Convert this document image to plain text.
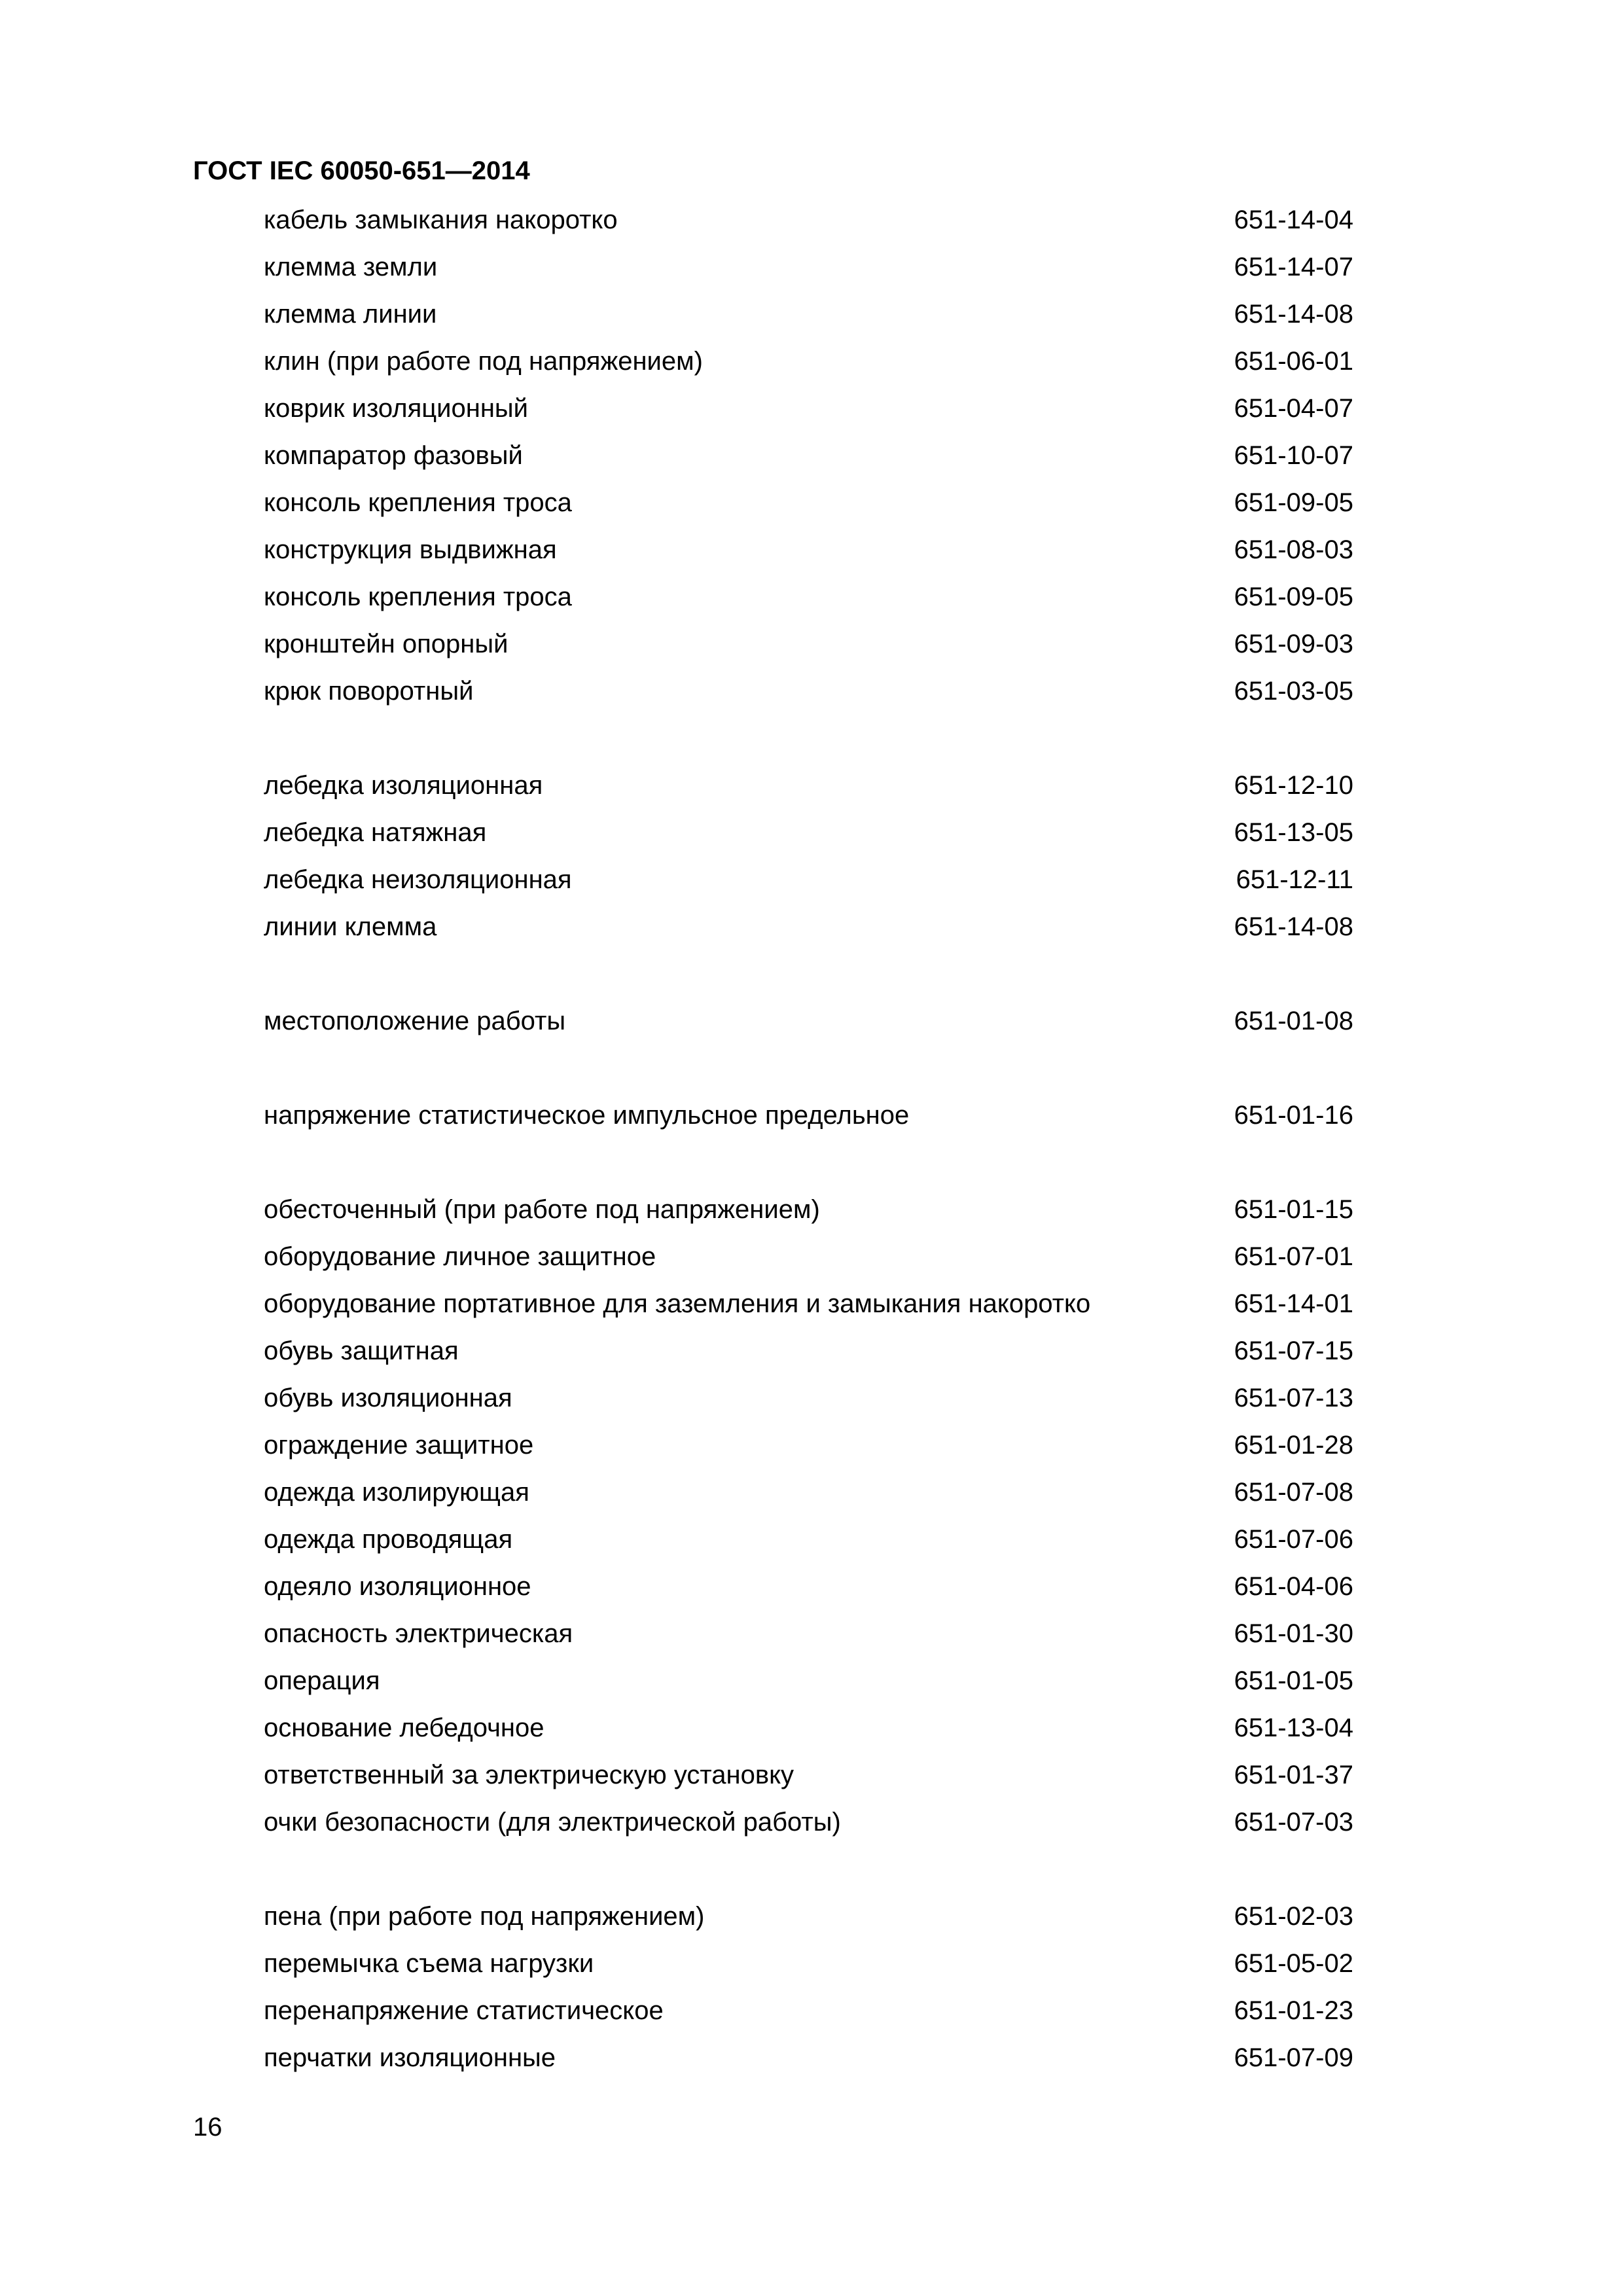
ГОСТ IEC 60050-651—2014
кабель замыкания накоротко	651-14-04
клемма земли	651-14-07
клемма линии	651-14-08
клин (при работе под напряжением)	651-06-01
коврик изоляционный	651-04-07
компаратор фазовый	651-10-07
консоль крепления троса	651-09-05
конструкция выдвижная	651-08-03
консоль крепления троса	651-09-05
кронштейн опорный	651-09-03
крюк поворотный	651-03-05
лебедка изоляционная	651-12-10
лебедка натяжная	651-13-05
лебедка неизоляционная	651-12-11
линии клемма	651-14-08
местоположение работы	651-01-08
напряжение статистическое импульсное предельное	651-01-16
обесточенный (при работе под напряжением)	651-01-15
оборудование личное защитное	651-07-01
оборудование портативное для заземления и замыкания накоротко	651-14-01
обувь защитная	651-07-15
обувь изоляционная	651-07-13
ограждение защитное	651-01-28
одежда изолирующая	651-07-08
одежда проводящая	651-07-06
одеяло изоляционное	651-04-06
опасность электрическая	651-01-30
операция	651-01-05
основание лебедочное	651-13-04
ответственный за электрическую установку	651-01-37
очки безопасности (для электрической работы)	651-07-03
пена (при работе под напряжением)	651-02-03
перемычка съема нагрузки	651-05-02
перенапряжение статистическое	651-01-23
перчатки изоляционные	651-07-09
16
